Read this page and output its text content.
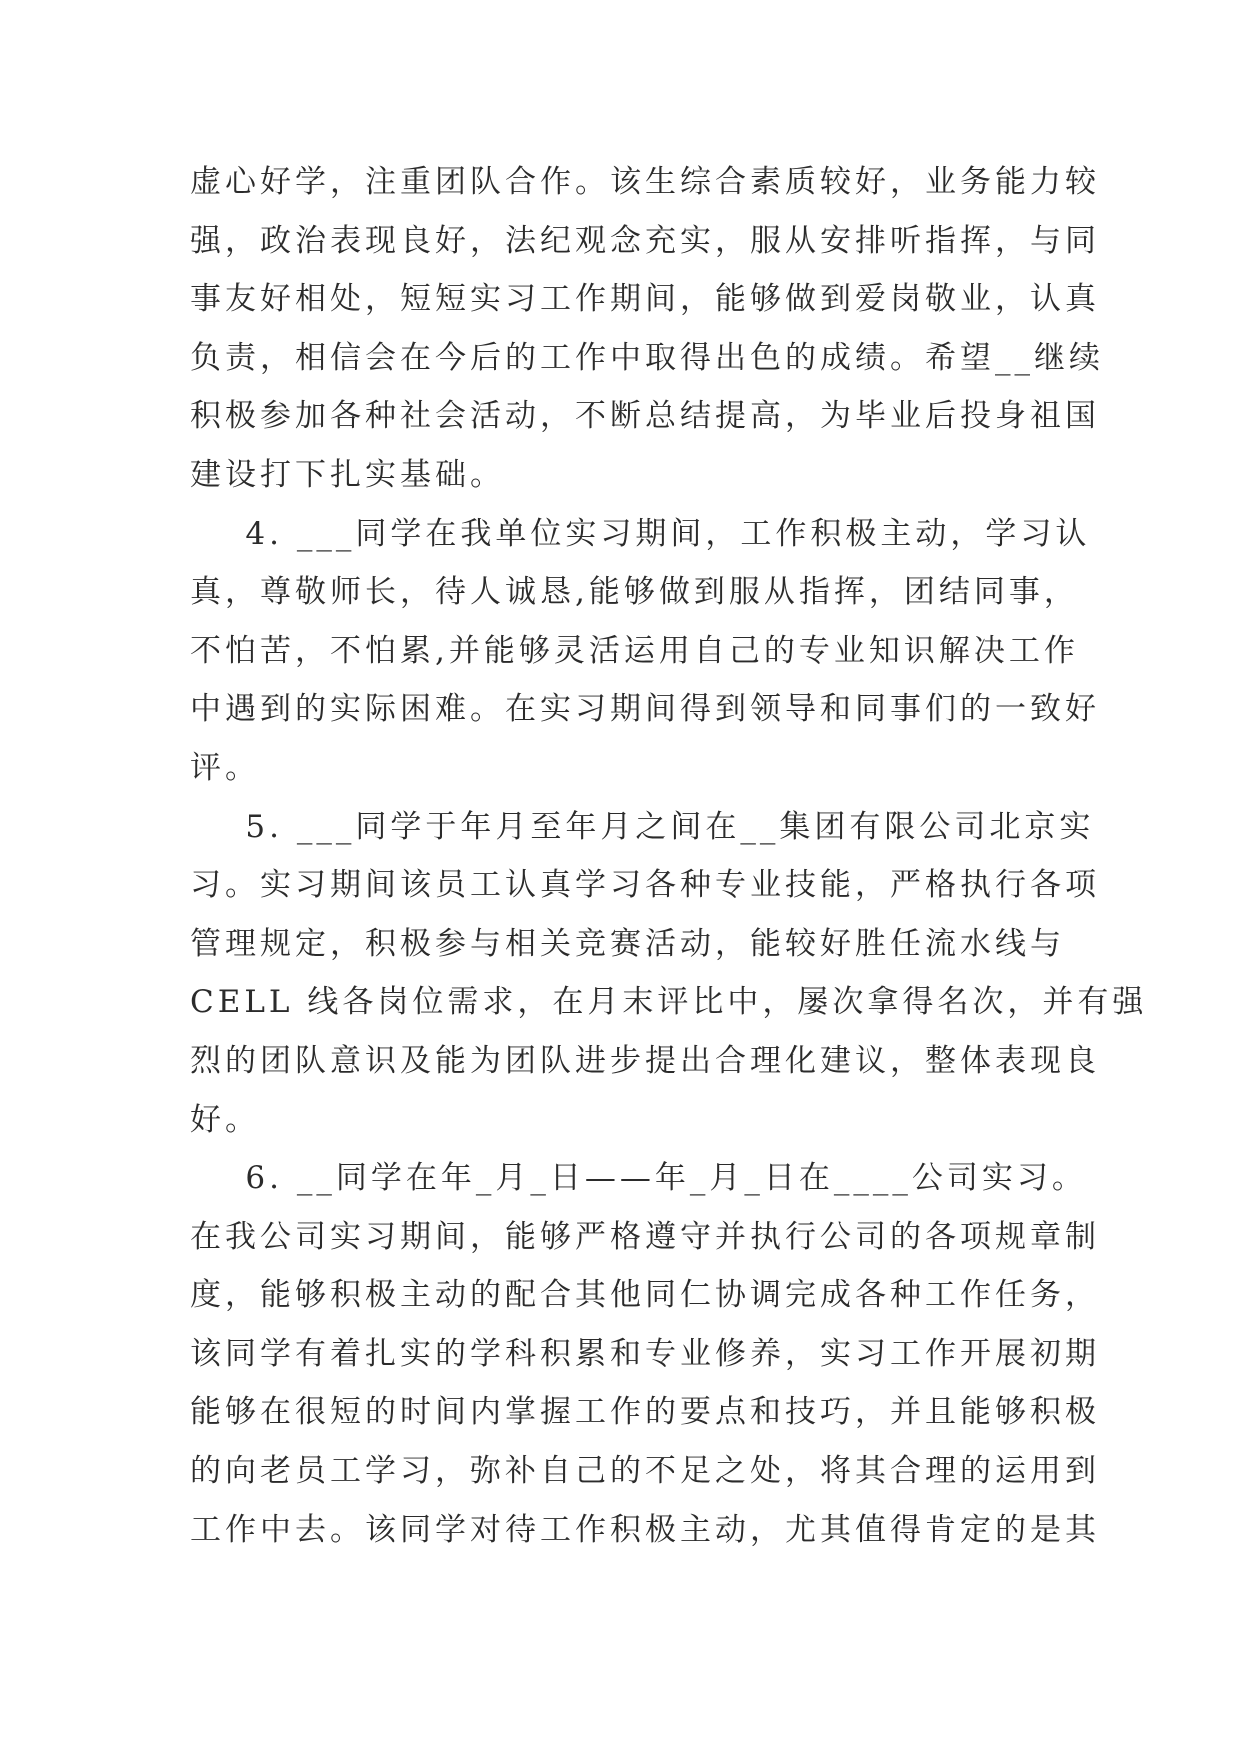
虚心好学，注重团队合作。该生综合素质较好，业务能力较
强，政治表现良好，法纪观念充实，服从安排听指挥，与同
事友好相处，短短实习工作期间，能够做到爱岗敬业，认真
负责，相信会在今后的工作中取得出色的成绩。希望__继续
积极参加各种社会活动，不断总结提高，为毕业后投身祖国
建设打下扎实基础。
4. ___同学在我单位实习期间，工作积极主动，学习认
真，尊敬师长，待人诚恳,能够做到服从指挥，团结同事，
不怕苦，不怕累,并能够灵活运用自己的专业知识解决工作
中遇到的实际困难。在实习期间得到领导和同事们的一致好
评。
5. ___同学于年月至年月之间在__集团有限公司北京实
习。实习期间该员工认真学习各种专业技能，严格执行各项
管理规定，积极参与相关竞赛活动，能较好胜任流水线与
CELL 线各岗位需求，在月末评比中，屡次拿得名次，并有强
烈的团队意识及能为团队进步提出合理化建议，整体表现良
好。
6. __同学在年_月_日——年_月_日在____公司实习。
在我公司实习期间，能够严格遵守并执行公司的各项规章制
度，能够积极主动的配合其他同仁协调完成各种工作任务，
该同学有着扎实的学科积累和专业修养，实习工作开展初期
能够在很短的时间内掌握工作的要点和技巧，并且能够积极
的向老员工学习，弥补自己的不足之处，将其合理的运用到
工作中去。该同学对待工作积极主动，尤其值得肯定的是其
